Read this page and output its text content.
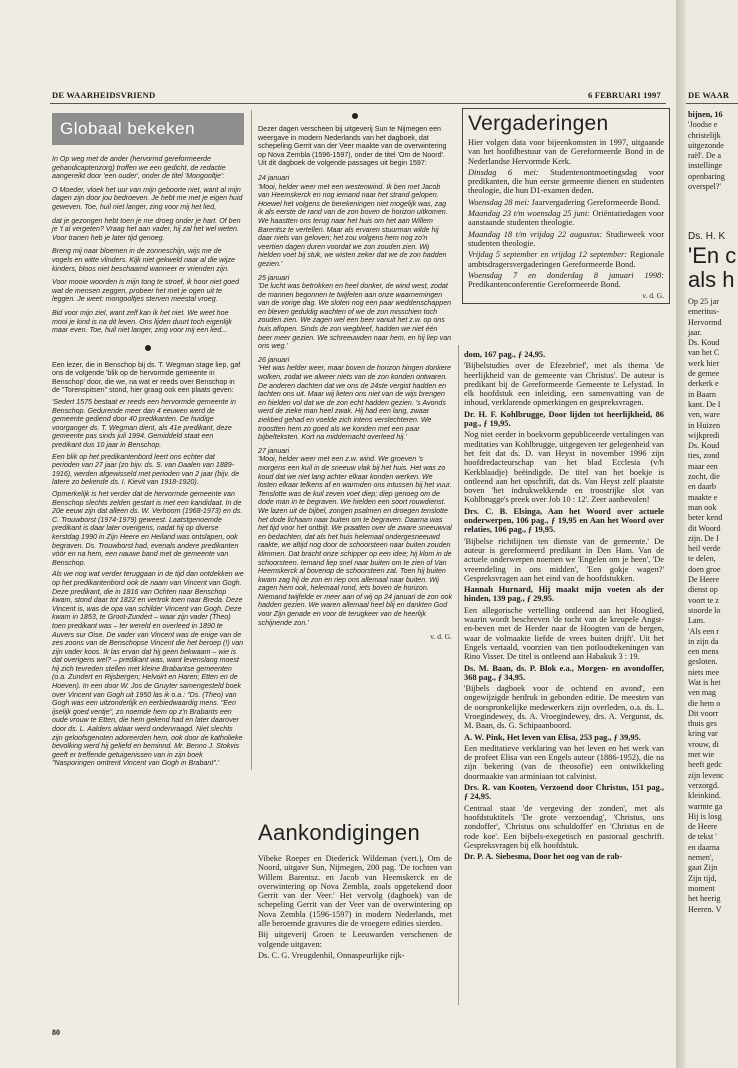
DE WAARHEIDSVRIEND	6 FEBRUARI 1997
Globaal bekeken

In Op weg met de ander (hervormd gereformeerde gehandicaptenzorg) troffen we een gedicht, de redactie aangereikt door 'een ouder', onder de titel 'Mongooltje':

O Moeder, vloek het uur van mijn geboorte niet, want al mijn dagen zijn door jou bedroeven. Je hebt me met je eigen huid geweven. Toe, huil niet langer, zing voor mij het lied,

dat je gezongen hebt toen je me droeg onder je hart. Of ben je 't al vergeten? Vraag het aan vader, hij zal het wel weten. Voor tranen heb je later tijd genoeg.

Breng mij naar bloemen in de zonneschijn, wijs me de vogels en witte vlinders. Kijk niet gekweld naar al die wijze kinders, bloos niet beschaamd wanneer er vrienden zijn.

Voor mooie woorden is mijn tong te stroef, ik hoor niet goed wat de mensen zeggen, probeer het met je ogen uit te leggen. Je weet: mongooltjes sterven meestal vroeg.

Bid voor mijn ziel, want zelf kan ik het niet. We weet hoe mooi je kind is na dit leven. Ons lijden duurt toch eigenlijk maar even. Toe, huil niet langer, zing voor mij een lied...

Een lezer, die in Benschop bij ds. T. Wegman stage liep, gaf ons de volgende 'blik op de hervormde gemeente in Benschop' door, die we, na wat er reeds over Benschop in de "Torenspitsen" stond, hier graag ook een plaats geven:

'Sedert 1575 bestaat er reeds een hervormde gemeente in Benschop. Gedurende meer dan 4 eeuwen werd de gemeente gediend door 40 predikanten. De huidige voorganger ds. T. Wegman dient, als 41e predikant, deze gemeente pas sinds juli 1994. Gemiddeld staat een predikant dus 10 jaar in Benschop.

Een blik op het predikantenbord leert ons echter dat perioden van 27 jaar (zo bijv. ds. S. van Daalen van 1889-1916), werden afgewisseld met perioden van 2 jaar (bijv. de latere zo bekende ds. I. Kievit van 1918-1920).

Opmerkelijk is het verder dat de hervormde gemeente van Benschop slechts zelden gestart is met een kandidaat. In de 20e eeuw zijn dat alleen ds. W. Verboom (1968-1973) en ds. C. Trouwborst (1974-1979) geweest. Laatstgenoemde predikant is daar later overigens, nadat hij op diverse kerstdag 1990 in Zijn Heere en Heiland was ontslapen, ook begraven. Ds. Trouwborst had, evenals andere predikanten vóór en na hem, een nauwe band met de gemeente van Benschop.

Als we nog wat verder teruggaan in de tijd dan ontdekken we op het predikantenbord ook de naam van Vincent van Gogh. Deze predikant, die in 1816 van Ochten naar Benschop kwam, stond daar tot 1822 en vertrok toen naar Breda. Deze Vincent is, was de opa van schilder Vincent van Gogh. Deze kwam in 1853, te Groot-Zundert – waar zijn vader (Theo) toen predikant was – ter wereld en overleed in 1890 te Auvers sur Oise. De vader van Vincent was de enige van de zes zoons van de Benschopse Vincent die het beroep (!) van zijn vader koos. Ik las ervan dat hij geen bekwaam – wie is dat overigens wel? – predikant was, want levenslang moest hij zich tevreden stellen met kleine Brabantse gemeenten (o.a. Zundert en Rijsbergen; Helvoirt en Haren; Etten en de Hoeven). In een door W. Jos de Gruyter samengesteld boek over Vincent van Gogh uit 1950 las ik o.a.: "Ds. (Theo) van Gogh was een uitzonderlijk en eerbiedwaardig mens. "Een ijselijk goed ventje", zo noemde hem op z'n Brabants een oude vrouw te Etten, die hem gekend had en later daarover door ds. L. Aalders aldaar werd ondervraagd. Niet slechts zijn geloofsgenoten adoreerden hem, ook door de katholieke bevolking werd hij geliefd en beminnd. Mr. Benno J. Stokvis geeft er treffende getuigenissen van in zijn boek "Nasporingen omtrent Vincent van Gogh in Brabant".'

Dezer dagen verscheen bij uitgeverij Sun te Nijmegen een weergave in modern Nederlands van het dagboek, dat schepeling Gerrit van der Veer maakte van de overwintering op Nova Zembla (1596-1597), onder de titel 'Om de Noord'. Uit dit dagboek de volgende passages uit begin 1597:

24 januari

'Mooi, helder weer met een westenwind. Ik ben met Jacob van Heemskerck en nog iemand naar het strand gelopen. Hoewel het volgens de berekeningen niet mogelijk was, zag ik als eerste de rand van de zon boven de horizon uitkomen. We haastten ons terug naar het huis om het aan Willem Barentsz te vertellen. Maar als ervaren stuurman wilde hij daar niets van geloven; het zou volgens hem nog zo'n veertien dagen duren voordat we zon zouden zien. Wij hielden voet bij stuk, we wisten zeker dat we de zon hadden gezien.'

25 januari

'De lucht was betrokken en heel donker, de wind west, zodat de mannen begonnen te twijfelen aan onze waarnemingen van de vorige dag. We sloten nog een paar weddenschappen en bleven geduldig wachten of we de zon misschien toch zouden zien. We zagen wel een beer vanuit het z.w. op ons huis aflopen. Sinds de zon wegbleef, hadden we niet één beer meer gezien. We schreeuwden naar hem, en hij liep van ons weg.'

26 januari

'Het was helder weer, maar boven de horizon hingen donkere wolken, zodat we alweer niets van de zon konden ontwaren. De anderen dachten dat we ons de 24ste vergist hadden en lachten ons uit. Maar wij lieten ons niet van de wijs brengen en hielden vol dat we de zon echt hadden gezien. 's Avonds werd de zieke man heel zwak. Hij had een lang, zwaar ziekbed gehad en voelde zich intens verslechteren. We troostten hem zo goed als we konden met een paar bijbelteksten. Kort na middernacht overleed hij.'

27 januari

'Mooi, helder weer met een z.w. wind. We groeven 's morgens een kuil in de sneeuw vlak bij het huis. Het was zo koud dat we niet lang achter elkaar konden werken. We losten elkaar telkens af en warmden ons intussen bij het vuur. Tenslotte was de kuil zeven voet diep; diep genoeg om de dode man in te begraven. We hielden een soort rouwdienst. We lazen uit de bijbel, zongen psalmen en droegen tenslotte het dode lichaam naar buiten om te begraven. Daarna was het tijd voor het ontbijt. We praatten over de zware sneeuwval en bedachten, dat als het huis helemaal ondergesneeuwd raakte, we altijd nog door de schoorsteen naar buiten zouden klimmen. Dat bracht onze schipper op een idee; hij klom in de schoorsteen. Iemand liep snel naar buiten om te zien of Van Heemskerck al bovenop de schoorsteen zat. Toen hij buiten kwam zag hij de zon en riep ons allemaal naar buiten. Wij zagen hem ook, helemaal rond, iets boven de horizon. Niemand twijfelde er meer aan of wij op 24 januari de zon ook hadden gezien. We waren allemaal heel blij en dankten God voor Zijn genade en voor de terugkeer van de heerlijk schijnende zon.'

v. d. G.
Aankondigingen

Vibeke Roeper en Diederick Wildeman (vert.), Om de Noord, uitgave Sun, Nijmegen, 200 pag. 'De tochten van Willem Barentsz. en Jacob van Heemskerck en de overwintering op Nova Zembla, zoals opgetekend door Gerrit van der Veer.' Het vervolg (dagboek) van de schepeling Gerrit van der Veer van de overwintering op Nova Zembla (1596-1597) in modern Nederlands, met alle beroemde gravures die de vroegere edities sierden.

Bij uitgeverij Groen te Leeuwarden verschenen de volgende uitgaven:

Ds. C. G. Vreugdenhil, Onnaspeurlijke rijk-

Vergaderingen

Hier volgen data voor bijeenkomsten in 1997, uitgaande van het hoofdbestuur van de Gereformeerde Bond in de Nederlandse Hervormde Kerk.

Dinsdag 6 mei: Studentenontmoetingsdag voor predikanten, die hun eerste gemeente dienen en studenten theologie, die hun D1-examen deden.

Woensdag 28 mei: Jaarvergadering Gereformeerde Bond.

Maandag 23 t/m woensdag 25 juni: Oriëntatiedagen voor aanstaande studenten theologie.

Maandag 18 t/m vrijdag 22 augustus: Studieweek voor studenten theologie.

Vrijdag 5 september en vrijdag 12 september: Regionale ambtsdragersvergaderingen Gereformeerde Bond.

Woensdag 7 en donderdag 8 januari 1998: Predikantenconferentie Gereformeerde Bond.

v. d. G.

dom, 167 pag., ƒ 24,95.

'Bijbelstudies over de Efezebrief', met als thema 'de heerlijkheid van de gemeente van Christus'. De auteur is predikant bij de Gereformeerde Gemeente te Lelystad. In elk hoofdstuk een inleiding, een samenvatting van de inhoud, verklarende opmerkingen en gespreksvragen.

Dr. H. F. Kohlbrugge, Door lijden tot heerlijkheid, 86 pag., ƒ 19,95.

Nog niet eerder in boekvorm gepubliceerde vertalingen van meditaties van Kohlbrugge, uitgegeven ter gelegenheid van het feit dat ds. D. van Heyst in november 1996 zijn hoofdredacteurschap van het blad Ecclesia (v/h Kerkblaadje) beëindigde. De titel van het boekje is ontleend aan het opschrift, dat ds. Van Heyst zelf plaatste boven 'het indrukwekkende en troostrijke slot van Kohlbrugge's preek over Job 10 : 12'. Zeer aanbevolen!

Drs. C. B. Elsinga, Aan het Woord over actuele onderwerpen, 106 pag., ƒ 19,95 en Aan het Woord over relaties, 106 pag., ƒ 19,95.

'Bijbelse richtlijnen ten dienste van de gemeente.' De auteur is gereformeerd predikant in Den Ham. Van de actuele onderwerpen noemen we 'Engelen om je heen', 'De vreemdeling in ons midden', 'Een gokje wagen?' Gespreksvragen aan het eind van de hoofdstukken.

Hannah Hurnard, Hij maakt mijn voeten als der hinden, 139 pag., ƒ 29,95.

Een allegorische vertelling ontleend aan het Hooglied, waarin wordt beschreven 'de tocht van de kreupele Angst-en-beven met de Herder naar de Hoogten van de bergen, waar de volmaakte liefde de vrees buiten drijft'. Uit het Engels vertaald, voorzien van tien potloodtekeningen van Rino Visser. De titel is ontleend aan Habakuk 3 : 19.

Ds. M. Baan, ds. P. Blok e.a., Morgen- en avondoffer, 368 pag., ƒ 34,95.

'Bijbels dagboek voor de ochtend en avond', een ongewijzigde herdruk in gebonden editie. De meesten van de oorspronkelijke medewerkers zijn overleden, o.a. ds. L. Vroegindewey, ds. A. Vroegindewey, drs. A. Vergunst, ds. M. Baan, ds. G. Schipaanboord.

A. W. Pink, Het leven van Elisa, 253 pag., ƒ 39,95.

Een meditatieve verklaring van het leven en het werk van de profeet Elisa van een Engels auteur (1886-1952), die na zijn bekering (van de theosofie) een ontwikkeling doormaakte van arminiaan tot calvinist.

Drs. R. van Kooten, Verzoend door Christus, 151 pag., ƒ 24,95.

Centraal staat 'de vergeving der zonden', met als hoofdstuktitels 'De grote verzoendag', 'Christus, ons zondoffer', 'Christus ons schuldoffer' en 'Christus en de rode koe'. Een bijbels-exegetisch en pastoraal geschrift. Gespreksvragen bij elk hoofdstuk.

Dr. P. A. Siebesma, Door het oog van de rab-

80
DE WAAR
bijnen, 16
'Joodse e
christelijk
uitgezonde
raël'. De a
instellinge
openbaring
overspel?'
Ds. H. K
'En c
als h
Op 25 jar
emeritus-
Hervormd
jaar.
Ds. Koud
van het C
werk hier
de gemee
derkerk e
in Baarn
kant. De I
ven, ware
in Huizen
wijkpredi
Ds. Koud
ties, zond
maar een
zocht, die
en daarb
maakte e
man ook
beter kend
dit Woord
zijn. De I
heil verde
te delen,
doen groe
De Heere
dienst op
voort te z
stoorde lo
Lam.
'Als een r
in zijn da
een mens
gesloten.
niets mee
Wat is het
ven mag
die hem o
Dit voorr
thuis ges
kring var
vrouw, di
met wie
heeft gedc
zijn levenc
verzorgd.
kleinkind.
warmte ga
Hij is losg
de Heere
de tekst '
en daarna
nemen',
gaat Zijn
Zijn tijd,
moment
het heerig
Heeren. V
